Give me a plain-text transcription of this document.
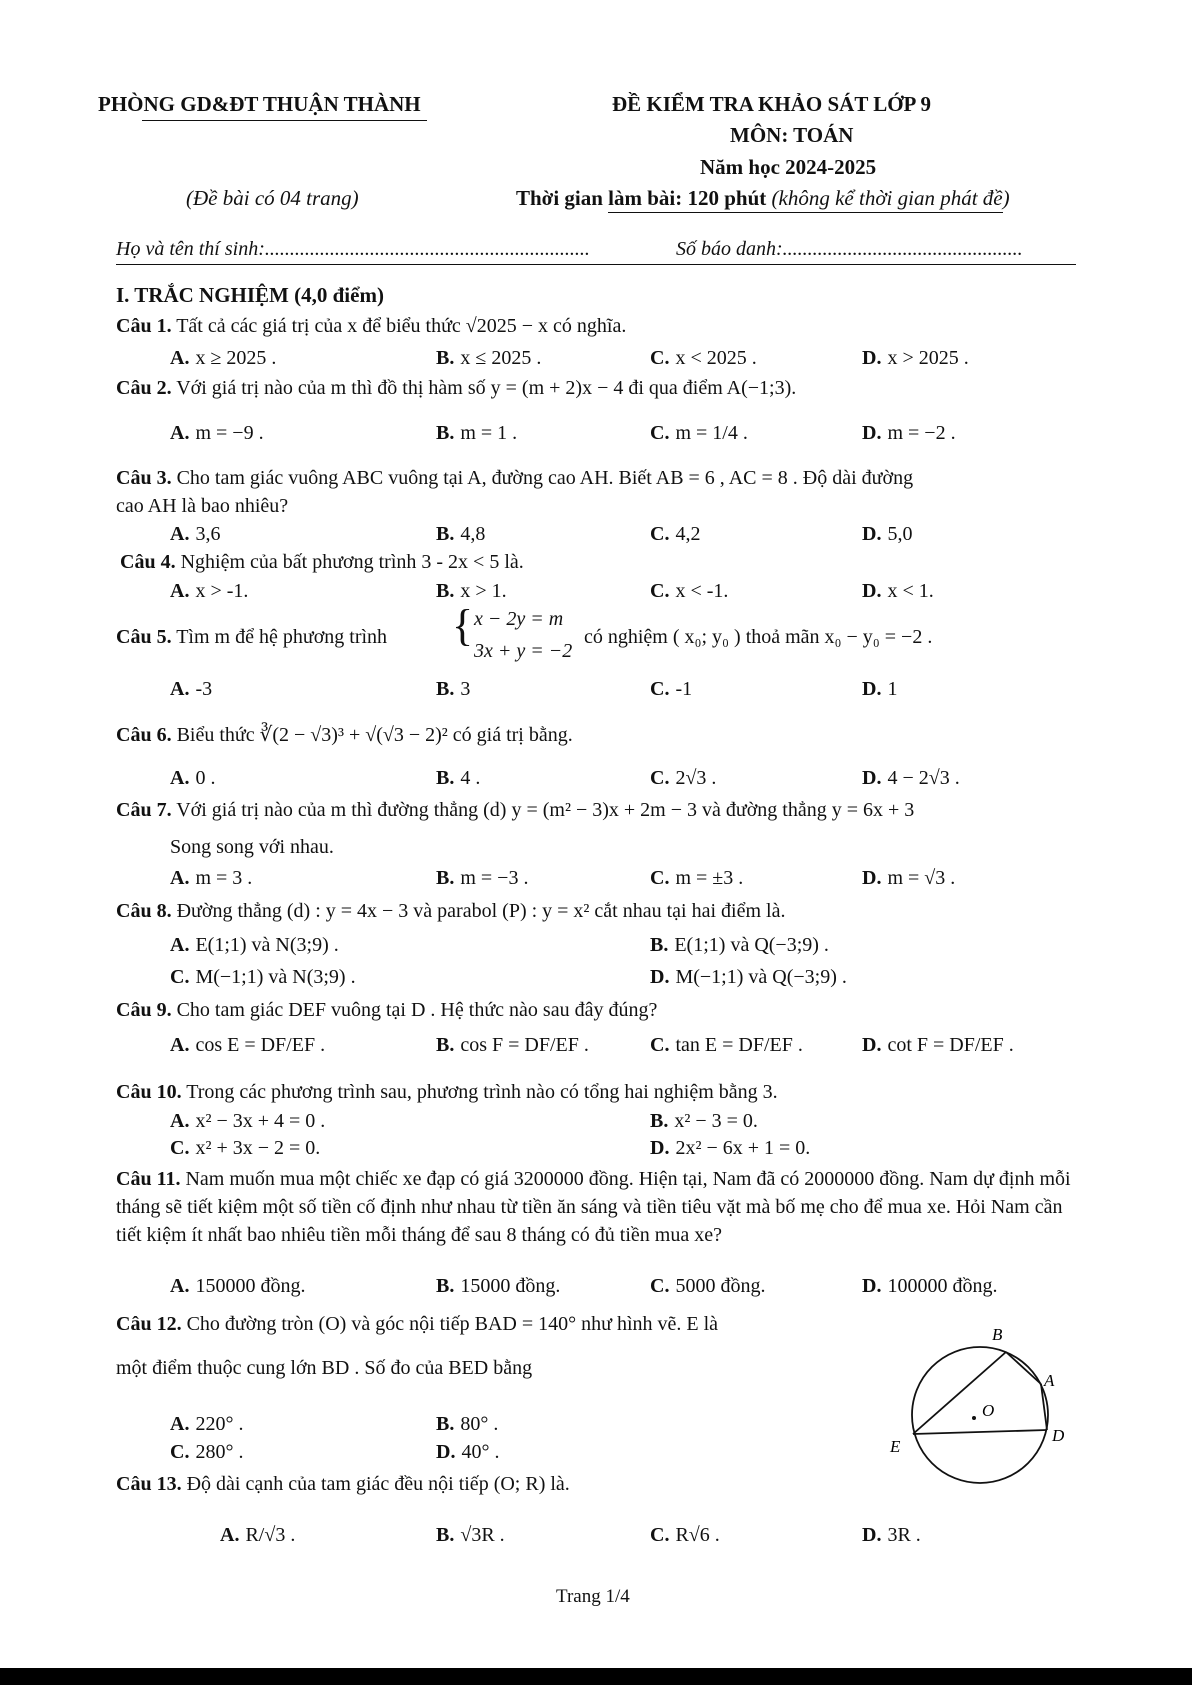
PHÒNG GD&ĐT THUẬN THÀNH	ĐỀ KIỂM TRA KHẢO SÁT LỚP 9
MÔN: TOÁN
Năm học 2024-2025
(Đề bài có 04 trang)	Thời gian làm bài: 120 phút (không kể thời gian phát đề)
Họ và tên thí sinh:.................................................................	Số báo danh:................................................
I. TRẮC NGHIỆM (4,0 điểm)
Câu 1. Tất cả các giá trị của x để biểu thức √2025 − x có nghĩa.
A. x ≥ 2025 .	B. x ≤ 2025 .	C. x < 2025 .	D. x > 2025 .
Câu 2. Với giá trị nào của m thì đồ thị hàm số y = (m + 2)x − 4 đi qua điểm A(−1;3).
A. m = −9 .	B. m = 1 .	C. m = 1/4 .	D. m = −2 .
Câu 3. Cho tam giác vuông ABC vuông tại A, đường cao AH. Biết AB = 6 , AC = 8 . Độ dài đường
cao AH là bao nhiêu?
A. 3,6	B. 4,8	C. 4,2	D. 5,0
Câu 4. Nghiệm của bất phương trình 3 - 2x < 5 là.
A. x > -1.	B. x > 1.	C. x < -1.	D. x < 1.
Câu 5. Tìm m để hệ phương trình { x − 2y = m
3x + y = −2
có nghiệm ( x₀; y₀ ) thoả mãn x₀ − y₀ = −2 .
A. -3	B. 3	C. -1	D. 1
Câu 6. Biểu thức ∛(2 − √3)³ + √(√3 − 2)² có giá trị bằng.
A. 0 .	B. 4 .	C. 2√3 .	D. 4 − 2√3 .
Câu 7. Với giá trị nào của m thì đường thẳng (d) y = (m² − 3)x + 2m − 3 và đường thẳng y = 6x + 3
Song song với nhau.
A. m = 3 .	B. m = −3 .	C. m = ±3 .	D. m = √3 .
Câu 8. Đường thẳng (d) : y = 4x − 3 và parabol (P) : y = x² cắt nhau tại hai điểm là.
A. E(1;1) và N(3;9) .	B. E(1;1) và Q(−3;9) .
C. M(−1;1) và N(3;9) .	D. M(−1;1) và Q(−3;9) .
Câu 9. Cho tam giác DEF vuông tại D . Hệ thức nào sau đây đúng?
A. cos E = DF/EF .	B. cos F = DF/EF .	C. tan E = DF/EF .	D. cot F = DF/EF .
Câu 10. Trong các phương trình sau, phương trình nào có tổng hai nghiệm bằng 3.
A. x² − 3x + 4 = 0 .	B. x² − 3 = 0.
C. x² + 3x − 2 = 0.	D. 2x² − 6x + 1 = 0.
Câu 11. Nam muốn mua một chiếc xe đạp có giá 3200000 đồng. Hiện tại, Nam đã có 2000000 đồng. Nam dự định mỗi tháng sẽ tiết kiệm một số tiền cố định như nhau từ tiền ăn sáng và tiền tiêu vặt mà bố mẹ cho để mua xe. Hỏi Nam cần tiết kiệm ít nhất bao nhiêu tiền mỗi tháng để sau 8 tháng có đủ tiền mua xe?
A. 150000 đồng.	B. 15000 đồng.	C. 5000 đồng.	D. 100000 đồng.
Câu 12. Cho đường tròn (O) và góc nội tiếp BAD = 140° như hình vẽ. E là
một điểm thuộc cung lớn BD . Số đo của BED bằng
A. 220° .	B. 80° .
C. 280° .	D. 40° .
B
A
O
D
E
Câu 13. Độ dài cạnh của tam giác đều nội tiếp (O; R) là.
A. R/√3 .	B. √3R .	C. R√6 .	D. 3R .
Trang 1/4
